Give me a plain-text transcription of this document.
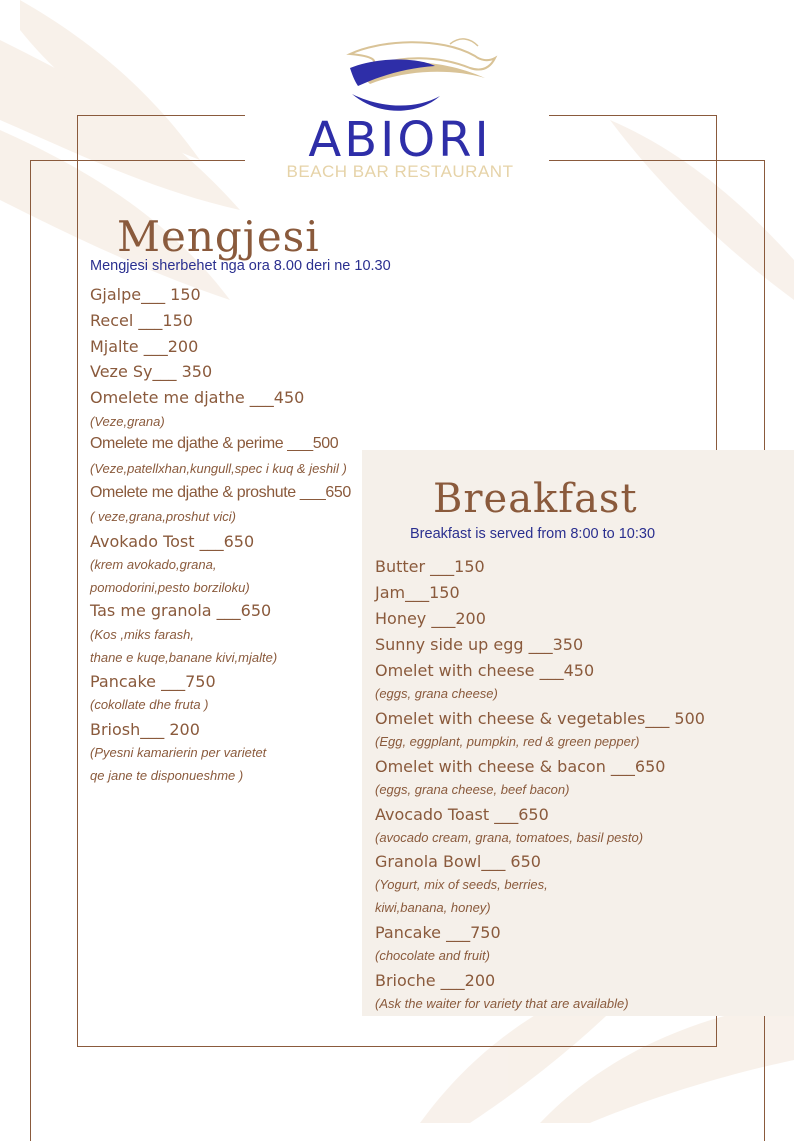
ABIORI
BEACH BAR RESTAURANT
Mengjesi
Mengjesi sherbehet nga ora 8.00 deri ne 10.30
Gjalpe___ 150
Recel ___150
Mjalte ___200
Veze Sy___ 350
Omelete me djathe ___450
(Veze,grana)
Omelete me djathe & perime ___500
(Veze,patellxhan,kungull,spec i kuq & jeshil )
Omelete me djathe & proshute ___650
( veze,grana,proshut vici)
Avokado Tost ___650
(krem avokado,grana,
pomodorini,pesto borziloku)
Tas me granola ___650
(Kos ,miks farash,
thane e kuqe,banane kivi,mjalte)
Pancake ___750
(cokollate dhe fruta )
Briosh___ 200
(Pyesni kamarierin per varietet
qe jane te disponueshme )
Breakfast
Breakfast is served from 8:00 to 10:30
Butter ___150
Jam___150
Honey ___200
Sunny side up egg ___350
Omelet with cheese ___450
(eggs, grana cheese)
Omelet with cheese & vegetables___ 500
(Egg, eggplant, pumpkin, red & green pepper)
Omelet with cheese & bacon ___650
(eggs, grana cheese, beef bacon)
Avocado Toast ___650
(avocado cream, grana, tomatoes, basil pesto)
Granola Bowl___ 650
(Yogurt, mix of seeds, berries,
kiwi,banana, honey)
Pancake ___750
(chocolate and fruit)
Brioche ___200
(Ask the waiter for variety that are available)
